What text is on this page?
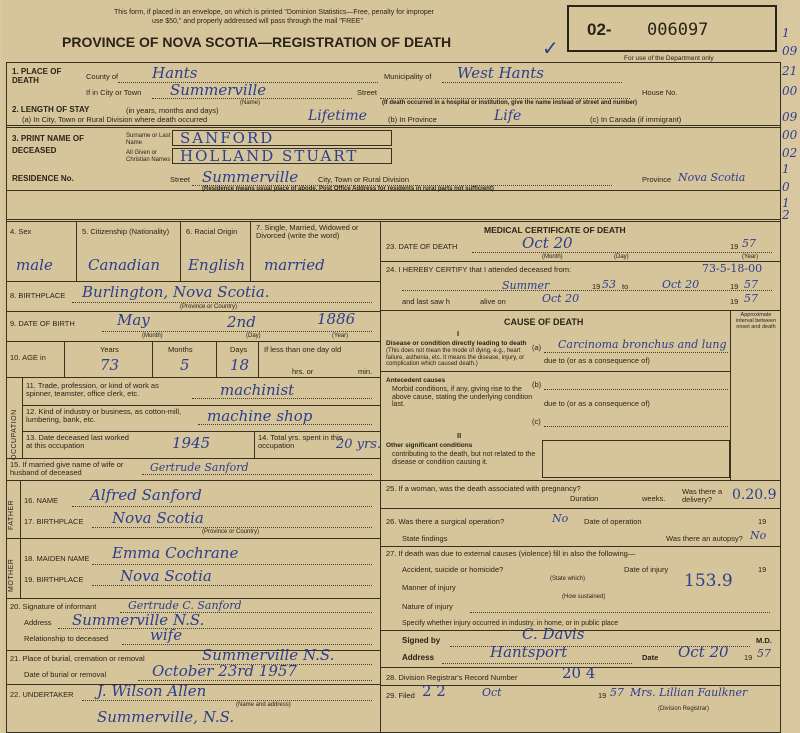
This form, if placed in an envelope, on which is printed "Dominion Statistics—Free, penalty for improper
use $50," and properly addressed will pass through the mail "FREE"
PROVINCE OF NOVA SCOTIA—REGISTRATION OF DEATH	✓
02- 006097
For use of the Department only
1. PLACE OF DEATH	County of Hants	Municipality of West Hants
If in City or Town Summerville
(Name)
Street	House No.
(If death occurred in a hospital or institution, give the name instead of street and number)
2. LENGTH OF STAY	(in years, months and days)
(a) In City, Town or Rural Division where death occurred	Lifetime	(b) In Province	Life	(c) In Canada (if immigrant)
3. PRINT NAME OF DECEASED
Surname or Last Name	SANFORD
All Given or Christian Names HOLLAND STUART
RESIDENCE No.	Street Summerville	City, Town or Rural Division	Province Nova Scotia
(Residence means usual place of abode. Post Office Address for residents in rural parts not sufficient)
4. Sex	5. Citizenship (Nationality)	6. Racial Origin 7. Single, Married, Widowed or Divorced (write the word)
male Canadian English married
8. BIRTHPLACE Burlington, Nova Scotia.
(Province or Country)
9. DATE OF BIRTH	May	2nd	1886
(Month)	(Day)	(Year)
10. AGE in
Years	Months	Days
73	5	18
If less than one day old
hrs. or	min.
OCCUPATION
11. Trade, profession, or kind of work as spinner, teamster, office clerk, etc.	machinist
12. Kind of industry or business, as cotton-mill, lumbering, bank, etc.	machine shop
13. Date deceased last worked at this occupation	1945	14. Total yrs. spent in this occupation	20 yrs.
15. If married give name of wife or husband of deceased	Gertrude Sanford
FATHER 16. NAME Alfred Sanford
17. BIRTHPLACE Nova Scotia
(Province or Country)
MOTHER
18. MAIDEN NAME Emma Cochrane
19. BIRTHPLACE Nova Scotia
20. Signature of informant	Gertrude C. Sanford
Address Summerville N.S.
Relationship to deceased	wife
21. Place of burial, cremation or removal	Summerville N.S.
Date of burial or removal	October 23rd 1957
22. UNDERTAKER J. Wilson Allen
(Name and address)
Summerville, N.S.
MEDICAL CERTIFICATE OF DEATH
23. DATE OF DEATH	Oct 20	19 57
(Month)	(Day)	(Year)
24. I HEREBY CERTIFY that I attended deceased from:	73-5-18-00
Summer	19 53 to	Oct 20	19 57
and last saw h	alive on	Oct 20	19 57
CAUSE OF DEATH
Approximate interval between onset and death
I
Disease or condition directly leading to death
(This does not mean the mode of dying, e.g., heart failure, asthenia, etc. It means the disease, injury, or complication which caused death.)
(a) Carcinoma bronchus and lung
due to (or as a consequence of)
Antecedent causes
Morbid conditions, if any, giving rise to the above cause, stating the underlying condition last.
(b)
due to (or as a consequence of)
(c)
II
Other significant conditions
contributing to the death, but not related to the disease or condition causing it.
25. If a woman, was the death associated with pregnancy?
Duration	weeks.
Was there a delivery?	0.20.9
26. Was there a surgical operation?	No Date of operation	19
State findings	Was there an autopsy? No
27. If death was due to external causes (violence) fill in also the following—
Accident, suicide or homicide?	Date of injury	19
(State which)
Manner of injury	153.9
(How sustained)
Nature of injury
Specify whether injury occurred in industry, in home, or in public place
Signed by	C. Davis	M.D.
Address	Hantsport	Date Oct 20 19 57
28. Division Registrar's Record Number	20 4
29. Filed 2 2	Oct	19 57 Mrs. Lillian Faulkner
(Division Registrar)
1
09
21
00
09
00
02
1
0
1
2
